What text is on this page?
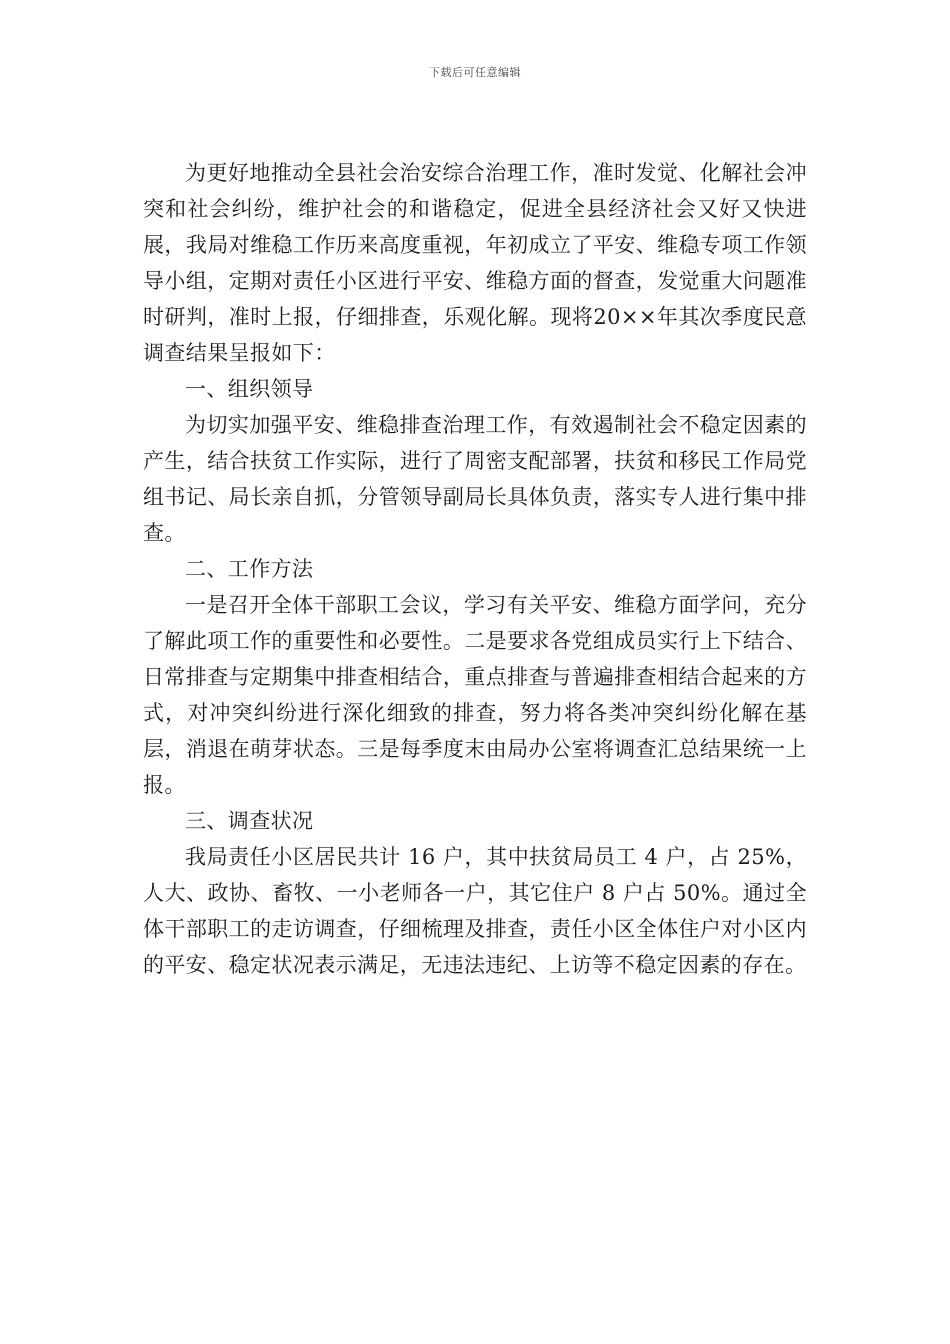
下载后可任意编辑

为更好地推动全县社会治安综合治理工作，准时发觉、化解社会冲突和社会纠纷，维护社会的和谐稳定，促进全县经济社会又好又快进展，我局对维稳工作历来高度重视，年初成立了平安、维稳专项工作领导小组，定期对责任小区进行平安、维稳方面的督查，发觉重大问题准时研判，准时上报，仔细排查，乐观化解。现将20××年其次季度民意调查结果呈报如下：

一、组织领导

为切实加强平安、维稳排查治理工作，有效遏制社会不稳定因素的产生，结合扶贫工作实际，进行了周密支配部署，扶贫和移民工作局党组书记、局长亲自抓，分管领导副局长具体负责，落实专人进行集中排查。

二、工作方法

一是召开全体干部职工会议，学习有关平安、维稳方面学问，充分了解此项工作的重要性和必要性。二是要求各党组成员实行上下结合、日常排查与定期集中排查相结合，重点排查与普遍排查相结合起来的方式，对冲突纠纷进行深化细致的排查，努力将各类冲突纠纷化解在基层，消退在萌芽状态。三是每季度末由局办公室将调查汇总结果统一上报。

三、调查状况

我局责任小区居民共计 16 户，其中扶贫局员工 4 户，占 25%，人大、政协、畜牧、一小老师各一户，其它住户 8 户占 50%。通过全体干部职工的走访调查，仔细梳理及排查，责任小区全体住户对小区内的平安、稳定状况表示满足，无违法违纪、上访等不稳定因素的存在。
